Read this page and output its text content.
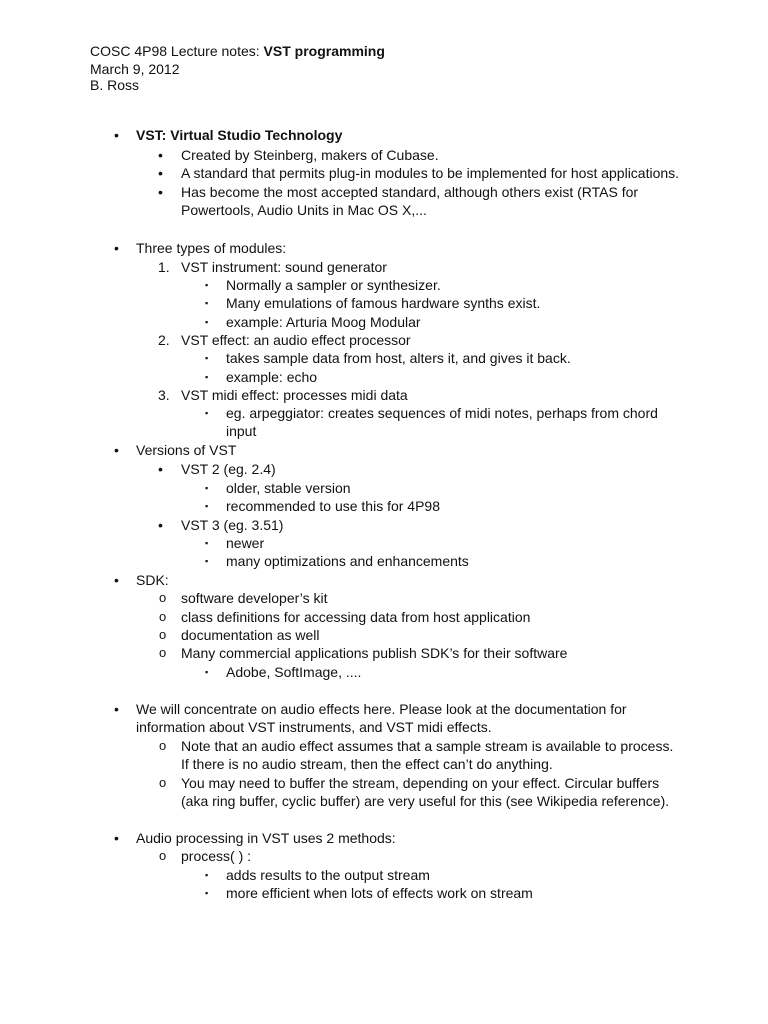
COSC 4P98 Lecture notes: VST programming
March 9, 2012
B. Ross
• VST: Virtual Studio Technology
• Created by Steinberg, makers of Cubase.
• A standard that permits plug-in modules to be implemented for host applications.
• Has become the most accepted standard, although others exist (RTAS for
Powertools, Audio Units in Mac OS X,...
• Three types of modules:
1. VST instrument: sound generator
▪ Normally a sampler or synthesizer.
▪ Many emulations of famous hardware synths exist.
▪ example: Arturia Moog Modular
2. VST effect: an audio effect processor
▪ takes sample data from host, alters it, and gives it back.
▪ example: echo
3. VST midi effect: processes midi data
▪ eg. arpeggiator: creates sequences of midi notes, perhaps from chord
input
• Versions of VST
• VST 2 (eg. 2.4)
▪ older, stable version
▪ recommended to use this for 4P98
• VST 3 (eg. 3.51)
▪ newer
▪ many optimizations and enhancements
• SDK:
o software developer’s kit
o class definitions for accessing data from host application
o documentation as well
o Many commercial applications publish SDK’s for their software
▪ Adobe, SoftImage, ....
• We will concentrate on audio effects here. Please look at the documentation for
information about VST instruments, and VST midi effects.
o Note that an audio effect assumes that a sample stream is available to process.
If there is no audio stream, then the effect can’t do anything.
o You may need to buffer the stream, depending on your effect. Circular buffers
(aka ring buffer, cyclic buffer) are very useful for this (see Wikipedia reference).
• Audio processing in VST uses 2 methods:
o process( ) :
▪ adds results to the output stream
▪ more efficient when lots of effects work on stream
